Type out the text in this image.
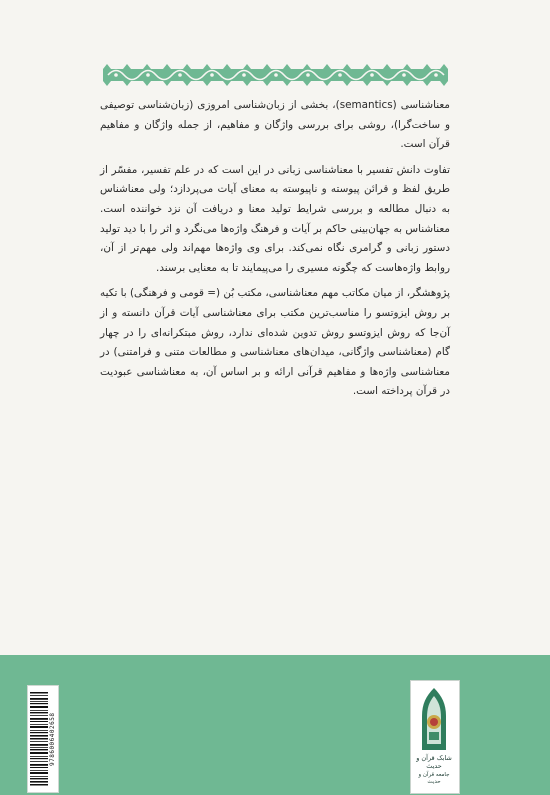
معناشناسی (semantics)، بخشی از زبان‌شناسی امروزی (زبان‌شناسی توصیفی و ساخت‌گرا)، روشی برای بررسی واژگان و مفاهیم، از جمله واژگان و مفاهیم قرآن است.

تفاوت دانش تفسیر با معناشناسی زبانی در این است که در علم تفسیر، مفسّر از طریق لفظ و قرائن پیوسته و ناپیوسته به معنای آیات می‌پردازد؛ ولی معناشناس به دنبال مطالعه و بررسی شرایط تولید معنا و دریافت آن نزد خواننده است. معناشناس به جهان‌بینی حاکم بر آیات و فرهنگ واژه‌ها می‌نگرد و اثر را با دید تولید دستور زبانی و گرامری نگاه نمی‌کند. برای وی واژه‌ها مهم‌اند ولی مهم‌تر از آن، روابط واژه‌هاست که چگونه مسیری را می‌پیمایند تا به معنایی برسند.

پژوهشگر، از میان مکاتب مهم معناشناسی، مکتب بُن (= قومی و فرهنگی) با تکیه بر روش ایزوتسو را مناسب‌ترین مکتب برای معناشناسی آیات قرآن دانسته و از آن‌جا که روش ایزوتسو روش تدوین شده‌ای ندارد، روش مبتکرانه‌ای را در چهار گام (معناشناسی واژگانی، میدان‌های معناشناسی و مطالعات متنی و فرامتنی) در معناشناسی واژه‌ها و مفاهیم قرآنی ارائه و بر اساس آن، به معناشناسی عبودیت در قرآن پرداخته است.

9786006402658	شابک قرآن و حدیث
جامعه قرآن و حدیث
